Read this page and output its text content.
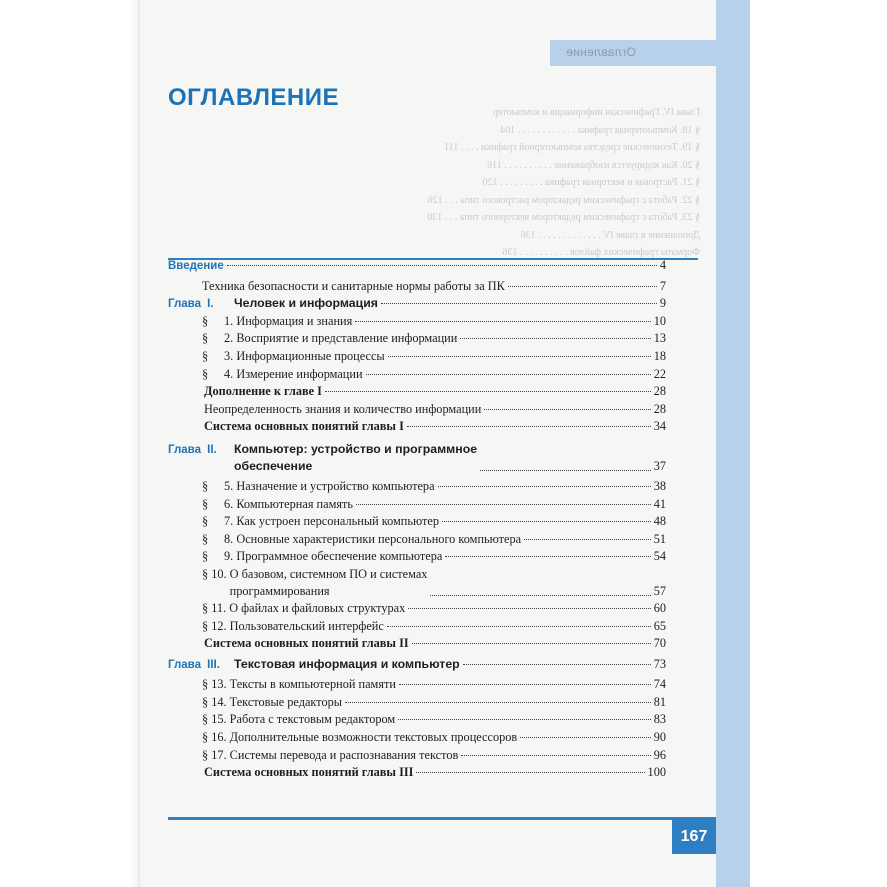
Оглавление
Глава IV. Графическая информация и компьютер
§ 18. Компьютерная графика . . . . . . . . . . . . 104
§ 19. Технические средства компьютерной графики . . . . 111
§ 20. Как кодируется изображение . . . . . . . . . . 116
§ 21. Растровая и векторная графика . . . . . . . . . 120
§ 22. Работа с графическим редактором растрового типа . . . 126
§ 23. Работа с графическим редактором векторного типа . . . 130
Дополнение к главе IV . . . . . . . . . . . . . 136
Форматы графических файлов . . . . . . . . . . 136
ОГЛАВЛЕНИЕ
Введение	4
Техника безопасности и санитарные нормы работы за ПК	7
Глава I. Человек и информация	9
§ 1. Информация и знания	10
§ 2. Восприятие и представление информации	13
§ 3. Информационные процессы	18
§ 4. Измерение информации	22
Дополнение к главе I	28
Неопределенность знания и количество информации	28
Система основных понятий главы I	34
Глава II.	Компьютер: устройство и программное
обеспечение	37
§ 5. Назначение и устройство компьютера	38
§ 6. Компьютерная память	41
§ 7. Как устроен персональный компьютер	48
§ 8. Основные характеристики персонального компьютера	51
§ 9. Программное обеспечение компьютера	54
§ 10.
О базовом, системном ПО и системах
программирования	57
§ 11. О файлах и файловых структурах	60
§ 12. Пользовательский интерфейс	65
Система основных понятий главы II	70
Глава III. Текстовая информация и компьютер	73
§ 13. Тексты в компьютерной памяти	74
§ 14. Текстовые редакторы	81
§ 15. Работа с текстовым редактором	83
§ 16. Дополнительные возможности текстовых процессоров	90
§ 17. Системы перевода и распознавания текстов	96
Система основных понятий главы III	100
167
